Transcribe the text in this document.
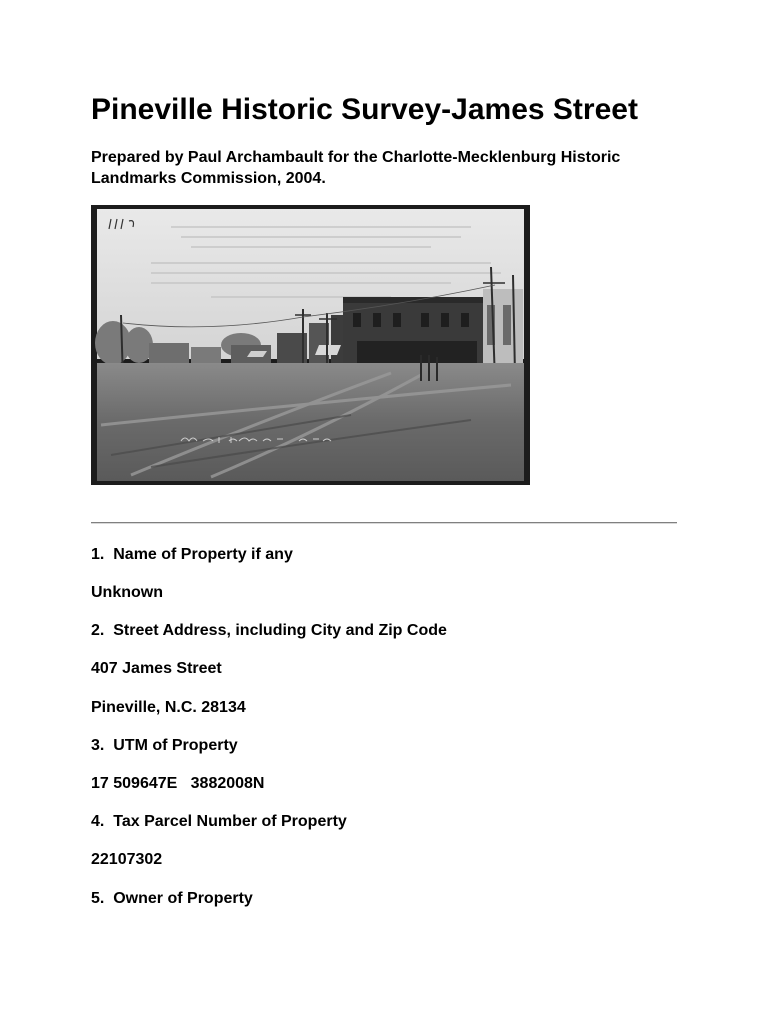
Pineville Historic Survey-James Street

Prepared by Paul Archambault for the Charlotte-Mecklenburg Historic Landmarks Commission, 2004.

1.  Name of Property if any

Unknown

2.  Street Address, including City and Zip Code

407 James Street

Pineville, N.C. 28134

3.  UTM of Property

17 509647E   3882008N

4.  Tax Parcel Number of Property

22107302

5.  Owner of Property
